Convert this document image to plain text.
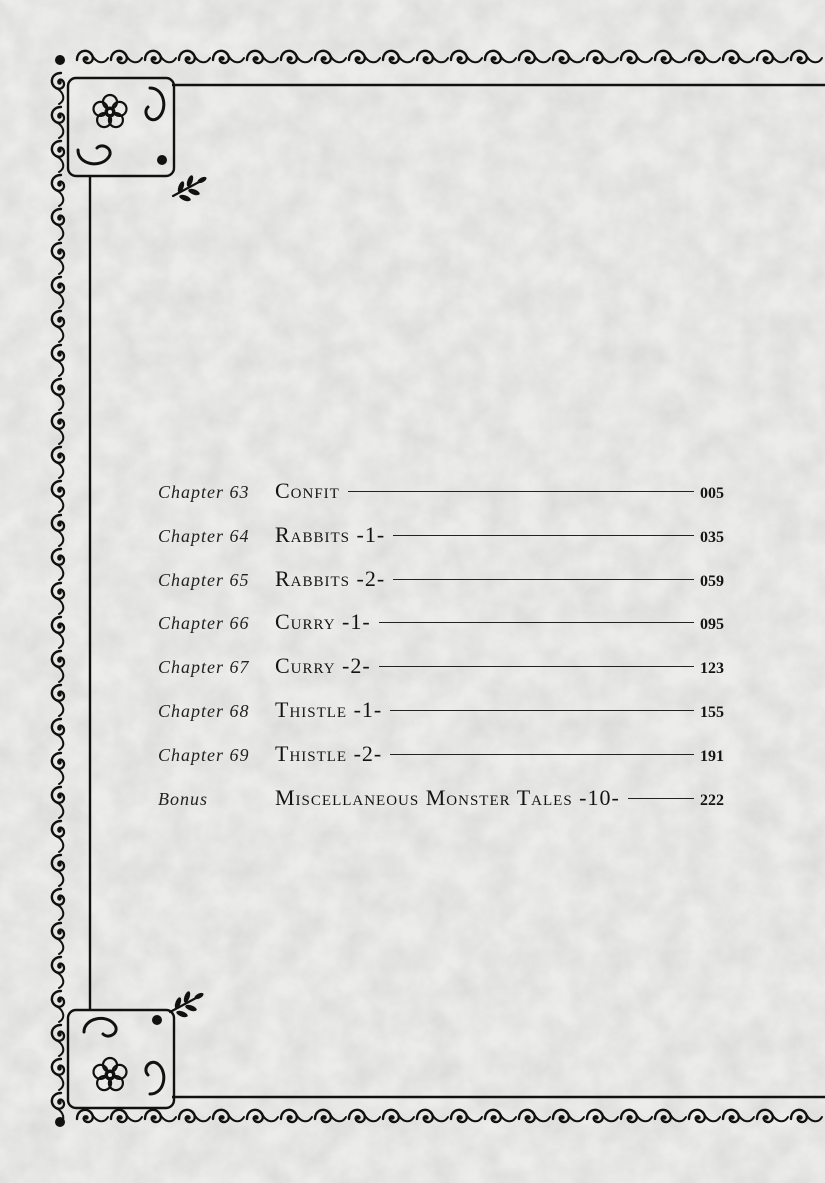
Chapter 63	Confit	005
Chapter 64	Rabbits -1-	035
Chapter 65	Rabbits -2-	059
Chapter 66	Curry -1-	095
Chapter 67	Curry -2-	123
Chapter 68	Thistle -1-	155
Chapter 69	Thistle -2-	191
Bonus	Miscellaneous Monster Tales -10-	222
